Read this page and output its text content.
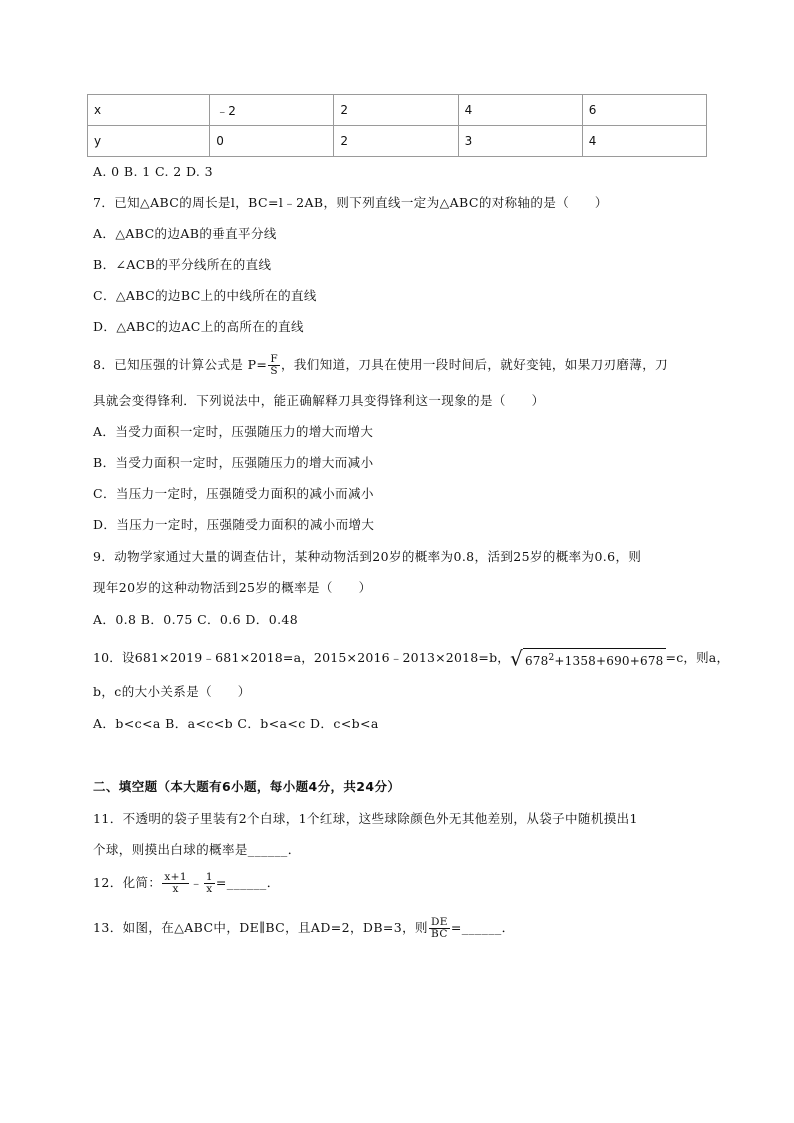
x	﹣2	2	4	6
y	0	2	3	4
A. 0 B. 1 C. 2 D. 3
7．已知△ABC的周长是l，BC=l﹣2AB，则下列直线一定为△ABC的对称轴的是（　　）
A．△ABC的边AB的垂直平分线
B．∠ACB的平分线所在的直线
C．△ABC的边BC上的中线所在的直线
D．△ABC的边AC上的高所在的直线
8．已知压强的计算公式是 $P= \frac{F}{S}$ ，我们知道，刀具在使用一段时间后，就好变钝，如果刀刃磨薄，刀
具就会变得锋利．下列说法中，能正确解释刀具变得锋利这一现象的是（　　）
A．当受力面积一定时，压强随压力的增大而增大
B．当受力面积一定时，压强随压力的增大而减小
C．当压力一定时，压强随受力面积的减小而减小
D．当压力一定时，压强随受力面积的减小而增大
9．动物学家通过大量的调查估计，某种动物活到20岁的概率为0.8，活到25岁的概率为0.6，则
现年20岁的这种动物活到25岁的概率是（　　）
A．0.8 B．0.75 C．0.6 D．0.48
10．设681×2019﹣681×2018=a，2015×2016﹣2013×2018=b，√ $678^2+1358+690+678 =c$，则a，
b，c的大小关系是（　　）
A．b<c<a B．a<c<b C．b<a<c D．c<b<a
二、填空题（本大题有6小题，每小题4分，共24分）
11．不透明的袋子里装有2个白球，1个红球，这些球除颜色外无其他差别，从袋子中随机摸出1
个球，则摸出白球的概率是______．
12．化简： $\frac{x+1}{x}$ ﹣ $\frac{1}{x}$ =______．
13．如图，在△ABC中，DE∥BC，且AD=2，DB=3，则 $\frac{DE}{BC}$ =______．
